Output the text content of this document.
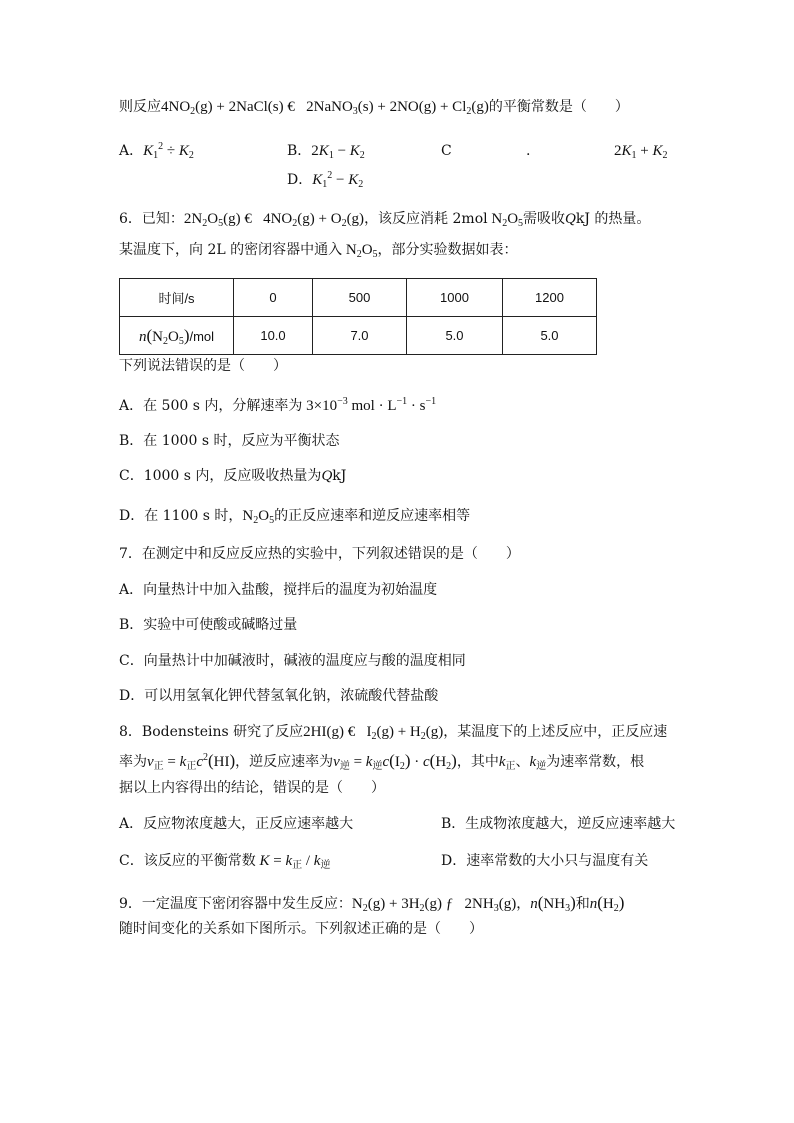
则反应$4NO_2(g)$ + 2NaCl(s) € 2NaNO$_3$(s) + $2NO(g) + Cl_2(g)$的平衡常数是（　　）
A．$K_1^2 \div K_2$	B．$2K_1 - K_2$	C	.	$2K_1 + K_2$
D．$K_1^2 - K_2$
6．已知：$2N_2O_5(g)$ €   $4NO_2(g) + O_2(g)$，该反应消耗 2mol $N_2O_5$需吸收QkJ 的热量。
某温度下，向 2L 的密闭容器中通入 $N_2O_5$，部分实验数据如表：
时间/s	0	500	1000	1200
$n(N_2O_5)$/mol	10.0	7.0	5.0	5.0
下列说法错误的是（　　）
A．在 500 s 内，分解速率为 $3\times 10^{-3}$ mol · $L^{-1} \cdot s^{-1}$
B．在 1000 s 时，反应为平衡状态
C．1000 s 内，反应吸收热量为QkJ
D．在 1100 s 时，$N_2O_5$的正反应速率和逆反应速率相等
7．在测定中和反应反应热的实验中，下列叙述错误的是（　　）
A．向量热计中加入盐酸，搅拌后的温度为初始温度
B．实验中可使酸或碱略过量
C．向量热计中加碱液时，碱液的温度应与酸的温度相同
D．可以用氢氧化钾代替氢氧化钠，浓硫酸代替盐酸
8．Bodensteins 研究了反应2HI(g) €   $I_2(g) + H_2(g)$，某温度下的上述反应中，正反应速
率为$v_正 = k_正c^2(HI)$，逆反应速率为$v_逆 = k_逆c(I_2) \cdot c(H_2)$，其中$k_正$、$k_逆$为速率常数，根
据以上内容得出的结论，错误的是（　　）
A．反应物浓度越大，正反应速率越大	B．生成物浓度越大，逆反应速率越大
C．该反应的平衡常数 $K = k_正 / k_逆$	D．速率常数的大小只与温度有关
9．一定温度下密闭容器中发生反应：$N_2(g) + 3H_2(g)$ ƒ   $2NH_3(g)$，$n(NH_3)$和$n(H_2)$
随时间变化的关系如下图所示。下列叙述正确的是（　　）
